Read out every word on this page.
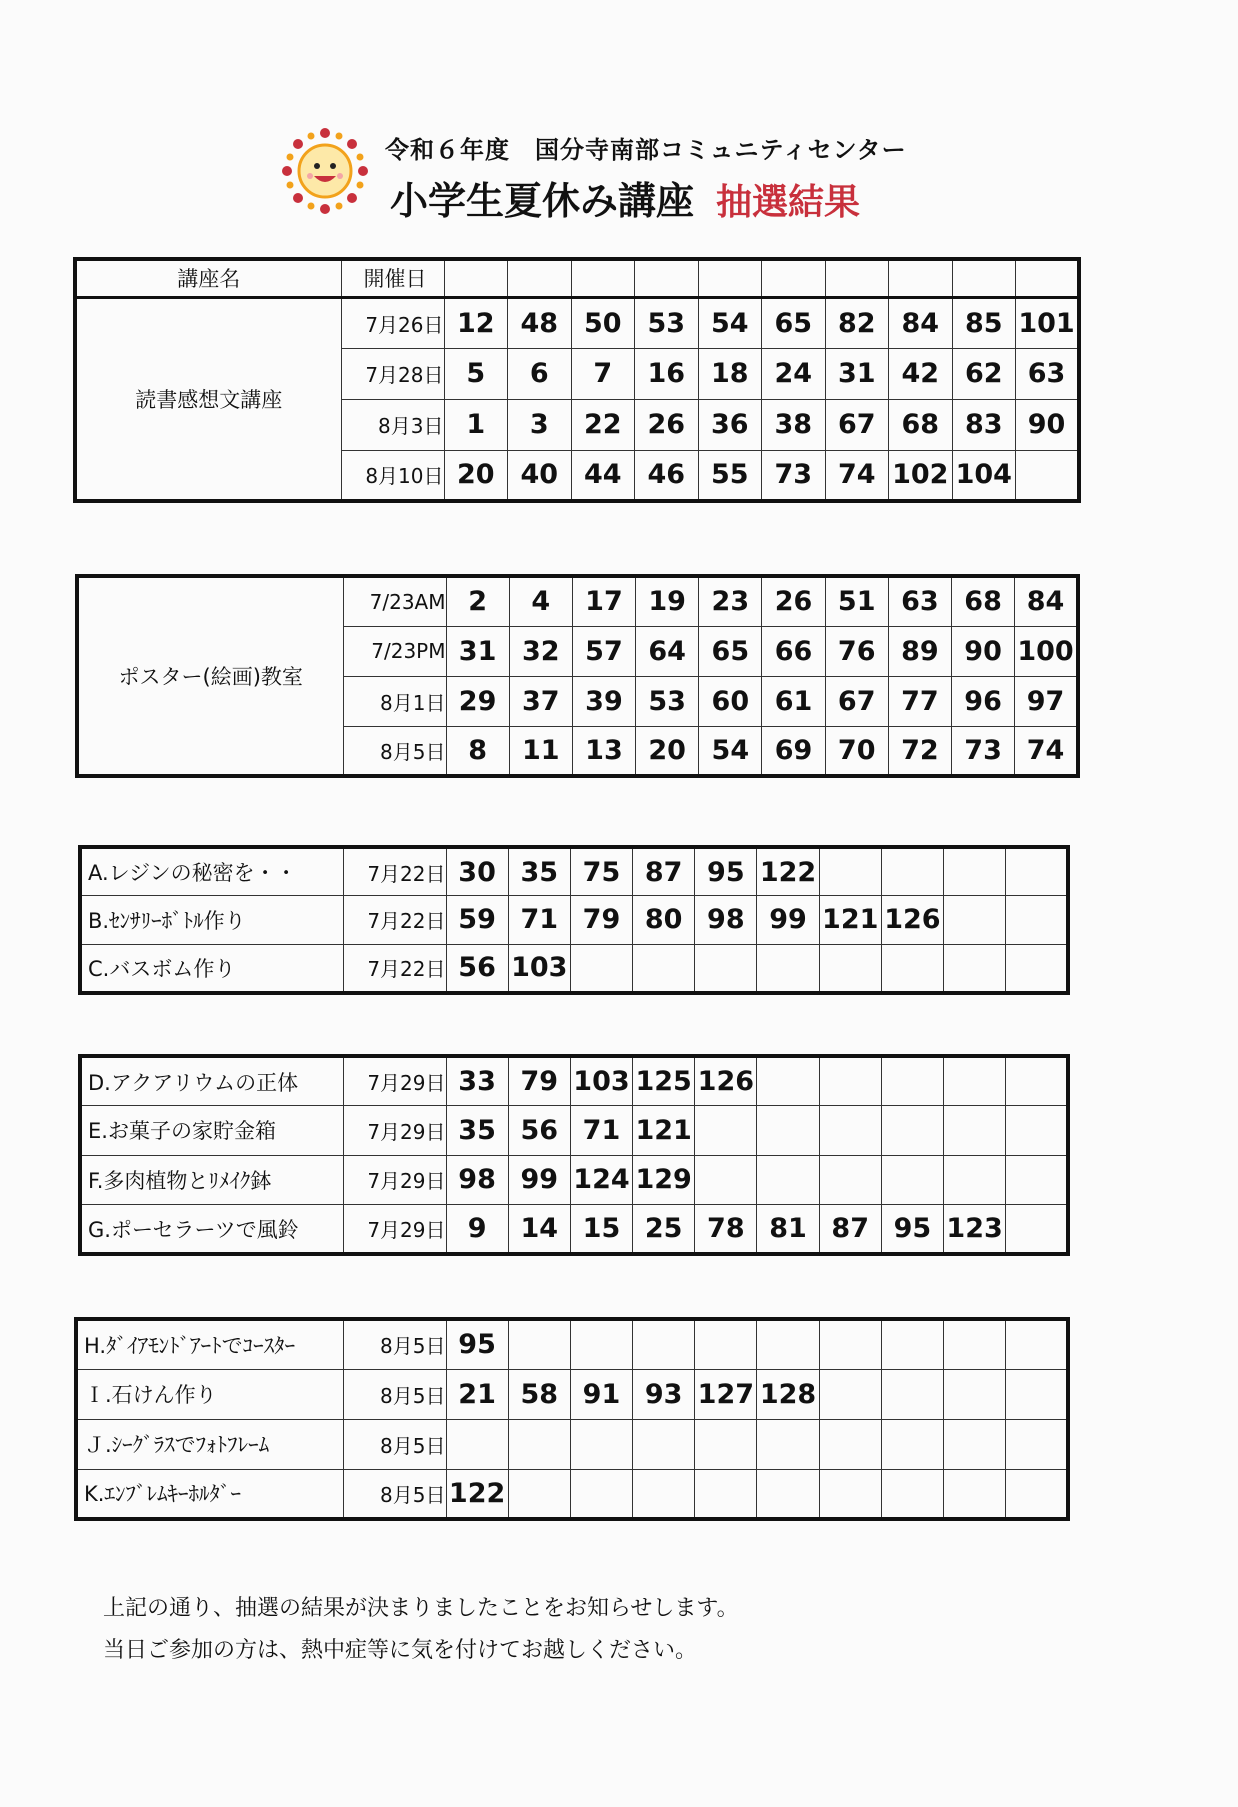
令和６年度　国分寺南部コミュニティセンター
小学生夏休み講座 抽選結果
講座名	開催日										
読書感想文講座	7月26日	12	48	50	53	54	65	82	84	85	101
	7月28日	5	6	7	16	18	24	31	42	62	63
	8月3日	1	3	22	26	36	38	67	68	83	90
	8月10日	20	40	44	46	55	73	74	102	104	
ポスター(絵画)教室	7/23AM	2	4	17	19	23	26	51	63	68	84
	7/23PM	31	32	57	64	65	66	76	89	90	100
	8月1日	29	37	39	53	60	61	67	77	96	97
	8月5日	8	11	13	20	54	69	70	72	73	74
A.レジンの秘密を・・	7月22日	30	35	75	87	95	122				
B.ｾﾝｻﾘｰﾎﾞﾄﾙ作り	7月22日	59	71	79	80	98	99	121	126		
C.バスボム作り	7月22日	56	103								
D.アクアリウムの正体	7月29日	33	79	103	125	126					
E.お菓子の家貯金箱	7月29日	35	56	71	121						
F.多肉植物とﾘﾒｲｸ鉢	7月29日	98	99	124	129						
G.ポーセラーツで風鈴	7月29日	9	14	15	25	78	81	87	95	123	
H.ﾀﾞｲｱﾓﾝﾄﾞｱｰﾄでｺｰｽﾀｰ	8月5日	95									
Ｉ.石けん作り	8月5日	21	58	91	93	127	128				
Ｊ.ｼｰｸﾞﾗｽでﾌｫﾄﾌﾚｰﾑ	8月5日										
K.ｴﾝﾌﾞﾚﾑｷｰﾎﾙﾀﾞｰ	8月5日	122									
上記の通り、抽選の結果が決まりましたことをお知らせします。
当日ご参加の方は、熱中症等に気を付けてお越しください。
